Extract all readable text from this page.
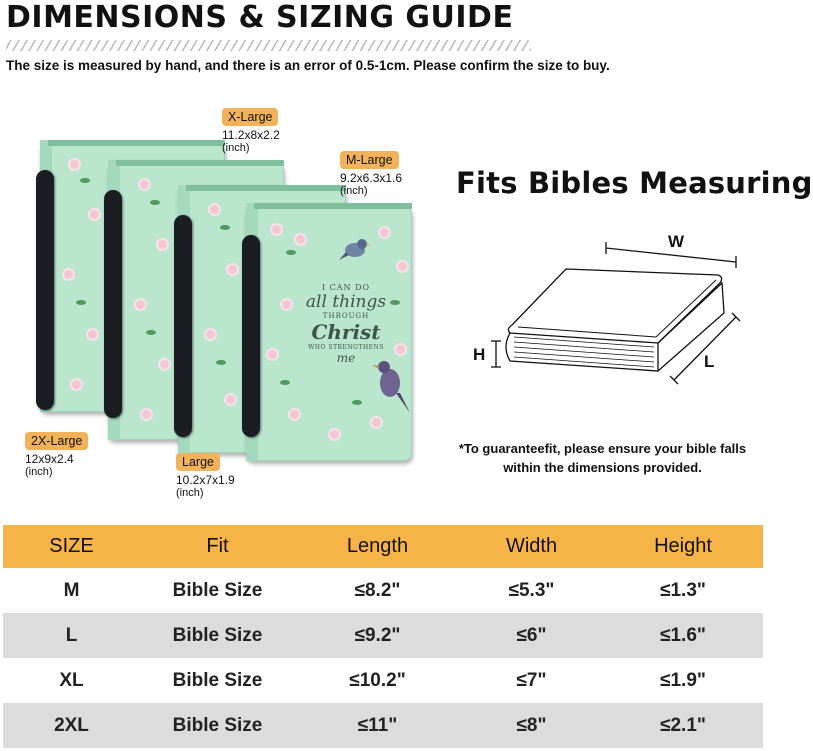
DIMENSIONS & SIZING GUIDE
The size is measured by hand, and there is an error of 0.5-1cm. Please confirm the size to buy.
I CAN DO
all things
THROUGH
Christ
WHO STRENGTHENS
me
X-Large
11.2x8x2.2
(inch)
M-Large
9.2x6.3x1.6
(inch)
2X-Large
12x9x2.4
(inch)
Large
10.2x7x1.9
(inch)
Fits Bibles Measuring
W
H	L
*To guaranteefit, please ensure your bible falls within the dimensions provided.
SIZE	Fit	Length	Width	Height
M	Bible Size	≤8.2"	≤5.3"	≤1.3"
L	Bible Size	≤9.2"	≤6"	≤1.6"
XL	Bible Size	≤10.2"	≤7"	≤1.9"
2XL	Bible Size	≤11"	≤8"	≤2.1"
